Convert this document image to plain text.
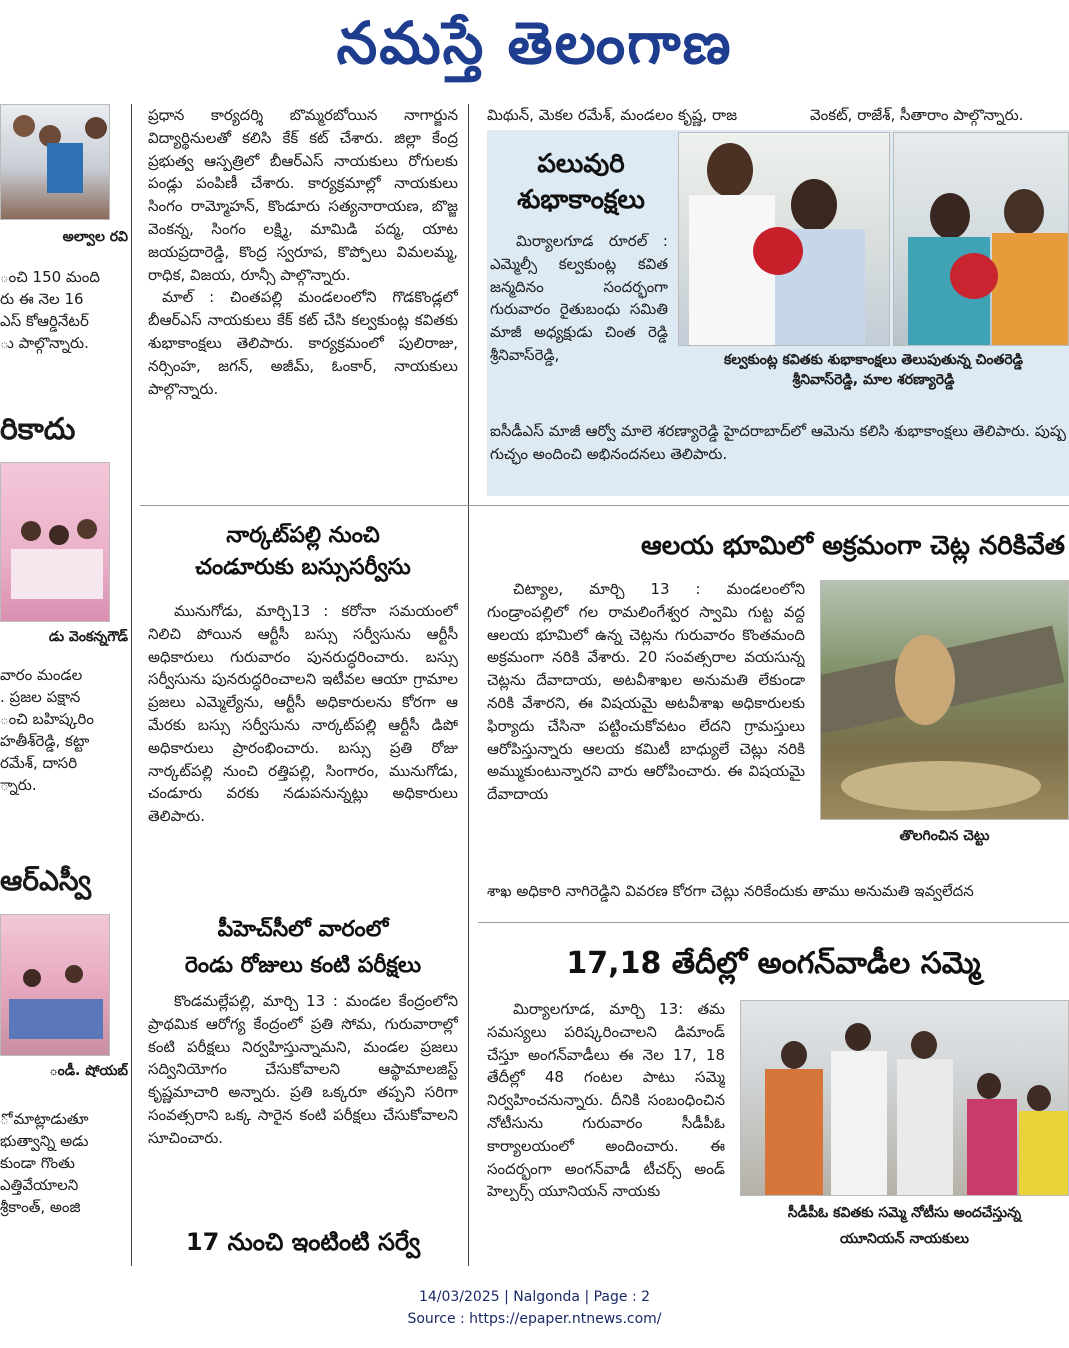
నమస్తే తెలంగాణ
అల్వాల రవి
ంచి 150 మంది
రు ఈ నెల 16
ఎస్ కోఆర్డినేటర్
ు పాల్గొన్నారు.
రికాదు
డు వెంకన్నగౌడ్
వారం మండల
. ప్రజల పక్షాన
ంచి బహిష్కరిం
హతీశ్‌రెడ్డి, కట్టా
రమేశ్, దాసరి
్నారు.
ఆర్ఎస్వీ
ండీ. షోయబ్
ో మాట్లాడుతూ
భుత్వాన్ని అడు
కుండా గొంతు
ఎత్తివేయాలని
శ్రీకాంత్, అంజి

ప్రధాన కార్యదర్శి బొమ్మరబోయిన నాగార్జున విద్యార్థినులతో కలిసి కేక్ కట్ చేశారు. జిల్లా కేంద్ర ప్రభుత్వ ఆస్పత్రిలో బీఆర్ఎస్ నాయకులు రోగులకు పండ్లు పంపిణీ చేశారు. కార్యక్రమాల్లో నాయకులు సింగం రామ్మోహన్, కొండూరు సత్యనారాయణ, బొజ్జ వెంకన్న, సింగం లక్ష్మి, మామిడి పద్మ, యాట జయప్రదారెడ్డి, కొంద్ర స్వరూప, కొప్పోలు విమలమ్మ, రాధిక, విజయ, రూన్సీ పాల్గొన్నారు.

మాల్ : చింతపల్లి మండలంలోని గొడకొండ్లలో బీఆర్ఎస్ నాయకులు కేక్ కట్ చేసి కల్వకుంట్ల కవితకు శుభాకాంక్షలు తెలిపారు. కార్యక్రమంలో పులిరాజు, నర్సింహ, జగన్, అజీమ్, ఓంకార్, నాయకులు పాల్గొన్నారు.

మిథున్, మెకల రమేశ్, మండలం కృష్ణ, రాజ	వెంకట్, రాజేశ్, సీతారాం పాల్గొన్నారు.
పలువురి
శుభాకాంక్షలు
మిర్యాలగూడ రూరల్ : ఎమ్మెల్సీ కల్వకుంట్ల కవిత జన్మదినం సందర్భంగా గురువారం రైతుబంధు సమితి మాజీ అధ్యక్షుడు చింత రెడ్డి శ్రీనివాస్‌రెడ్డి,	కల్వకుంట్ల కవితకు శుభాకాంక్షలు తెలుపుతున్న చింతరెడ్డి
శ్రీనివాస్‌రెడ్డి, మాల శరణ్యారెడ్డి
ఐసీడీఎస్ మాజీ ఆర్వో మాలె శరణ్యారెడ్డి హైదరాబాద్‌లో ఆమెను కలిసి శుభాకాంక్షలు తెలిపారు. పుష్ప గుచ్ఛం అందించి అభినందనలు తెలిపారు.
నార్కట్‌పల్లి నుంచి
చండూరుకు బస్సుసర్వీసు
మునుగోడు, మార్చి13 : కరోనా సమయంలో నిలిచి పోయిన ఆర్టీసీ బస్సు సర్వీసును ఆర్టీసీ అధికారులు గురువారం పునరుద్ధరించారు. బస్సు సర్వీసును పునరుద్ధరించాలని ఇటీవల ఆయా గ్రామాల ప్రజలు ఎమ్మెల్యేను, ఆర్టీసీ అధికారులను కోరగా ఆ మేరకు బస్సు సర్వీసును నార్కట్‌పల్లి ఆర్టీసీ డిపో అధికారులు ప్రారంభించారు. బస్సు ప్రతి రోజు నార్కట్‌పల్లి నుంచి రత్తిపల్లి, సింగారం, మునుగోడు, చండూరు వరకు నడుపనున్నట్లు అధికారులు తెలిపారు.
పీహెచ్‌సీలో వారంలో
రెండు రోజులు కంటి పరీక్షలు
కొండమల్లేపల్లి, మార్చి 13 : మండల కేంద్రంలోని ప్రాథమిక ఆరోగ్య కేంద్రంలో ప్రతి సోమ, గురువారాల్లో కంటి పరీక్షలు నిర్వహిస్తున్నామని, మండల ప్రజలు సద్వినియోగం చేసుకోవాలని ఆప్థామాలజిస్ట్ కృష్ణమాచారి అన్నారు. ప్రతి ఒక్కరూ తప్పని సరిగా సంవత్సరాని ఒక్క సారైన కంటి పరీక్షలు చేసుకోవాలని సూచించారు.
17 నుంచి ఇంటింటి సర్వే
ఆలయ భూమిలో అక్రమంగా చెట్ల నరికివేత
చిట్యాల, మార్చి 13 : మండలంలోని గుండ్రాంపల్లిలో గల రామలింగేశ్వర స్వామి గుట్ట వద్ద ఆలయ భూమిలో ఉన్న చెట్లను గురువారం కొంతమంది అక్రమంగా నరికి వేశారు. 20 సంవత్సరాల వయసున్న చెట్లను దేవాదాయ, అటవీశాఖల అనుమతి లేకుండా నరికి వేశారని, ఈ విషయమై అటవీశాఖ అధికారులకు ఫిర్యాదు చేసినా పట్టించుకోవటం లేదని గ్రామస్తులు ఆరోపిస్తున్నారు ఆలయ కమిటీ బాధ్యులే చెట్లు నరికి అమ్ముకుంటున్నారని వారు ఆరోపించారు. ఈ విషయమై దేవాదాయ
తొలగించిన చెట్టు
శాఖ అధికారి నాగిరెడ్డిని వివరణ కోరగా చెట్లు నరికేందుకు తాము అనుమతి ఇవ్వలేదన
17,18 తేదీల్లో అంగన్‌వాడీల సమ్మె
మిర్యాలగూడ, మార్చి 13: తమ సమస్యలు పరిష్కరించాలని డిమాండ్ చేస్తూ అంగన్‌వాడీలు ఈ నెల 17, 18 తేదీల్లో 48 గంటల పాటు సమ్మె నిర్వహించనున్నారు. దీనికి సంబంధించిన నోటీసును గురువారం సీడీపీఓ కార్యాలయంలో అందించారు. ఈ సందర్భంగా అంగన్‌వాడీ టీచర్స్ అండ్ హెల్పర్స్ యూనియన్ నాయకు
సీడీపీఓ కవితకు సమ్మె నోటీసు అందచేస్తున్న
యూనియన్ నాయకులు
14/03/2025 | Nalgonda | Page : 2
Source : https://epaper.ntnews.com/
